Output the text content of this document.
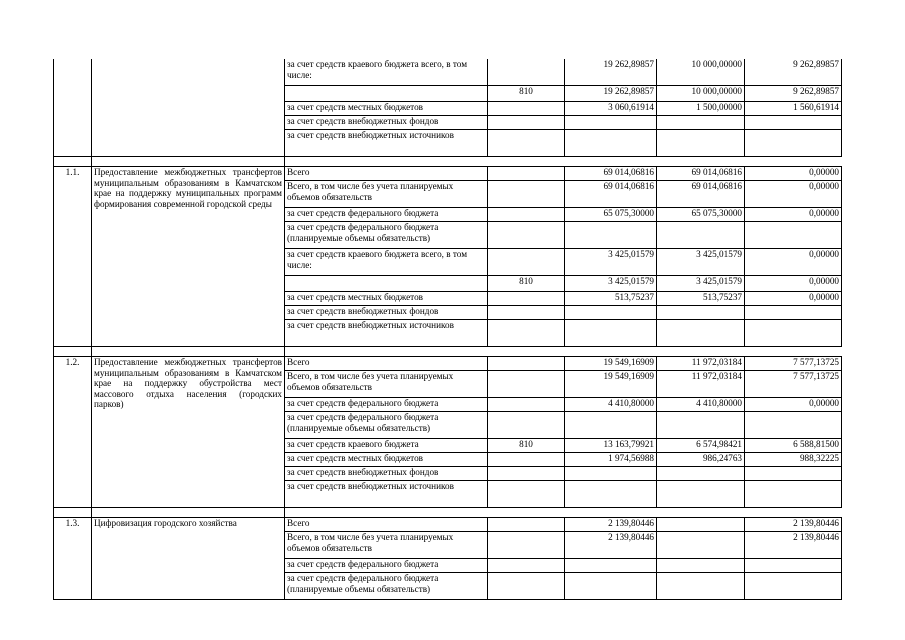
		за счет средств краевого бюджета всего, в том числе:		19 262,89857	10 000,00000	9 262,89857
			810	19 262,89857	10 000,00000	9 262,89857
		за счет средств местных бюджетов		3 060,61914	1 500,00000	1 560,61914
		за счет средств внебюджетных фондов				
		за счет средств внебюджетных источников				

1.1.	Предоставление межбюджетных трансфертов муниципальным образованиям в Камчатском крае на поддержку муниципальных программ формирования современной городской среды	Всего		69 014,06816	69 014,06816	0,00000
		Всего, в том числе без учета планируемых объемов обязательств		69 014,06816	69 014,06816	0,00000
		за счет средств федерального бюджета		65 075,30000	65 075,30000	0,00000
		за счет средств федерального бюджета (планируемые объемы обязательств)				
		за счет средств краевого бюджета всего, в том числе:		3 425,01579	3 425,01579	0,00000
			810	3 425,01579	3 425,01579	0,00000
		за счет средств местных бюджетов		513,75237	513,75237	0,00000
		за счет средств внебюджетных фондов				
		за счет средств внебюджетных источников				

1.2.	Предоставление межбюджетных трансфертов муниципальным образованиям в Камчатском крае на поддержку обустройства мест массового отдыха населения (городских парков)	Всего		19 549,16909	11 972,03184	7 577,13725
		Всего, в том числе без учета планируемых объемов обязательств		19 549,16909	11 972,03184	7 577,13725
		за счет средств федерального бюджета		4 410,80000	4 410,80000	0,00000
		за счет средств федерального бюджета (планируемые объемы обязательств)				
		за счет средств краевого бюджета	810	13 163,79921	6 574,98421	6 588,81500
		за счет средств местных бюджетов		1 974,56988	986,24763	988,32225
		за счет средств внебюджетных фондов				
		за счет средств внебюджетных источников				

1.3.	Цифровизация городского хозяйства	Всего		2 139,80446		2 139,80446
		Всего, в том числе без учета планируемых объемов обязательств		2 139,80446		2 139,80446
		за счет средств федерального бюджета				
		за счет средств федерального бюджета (планируемые объемы обязательств)				
